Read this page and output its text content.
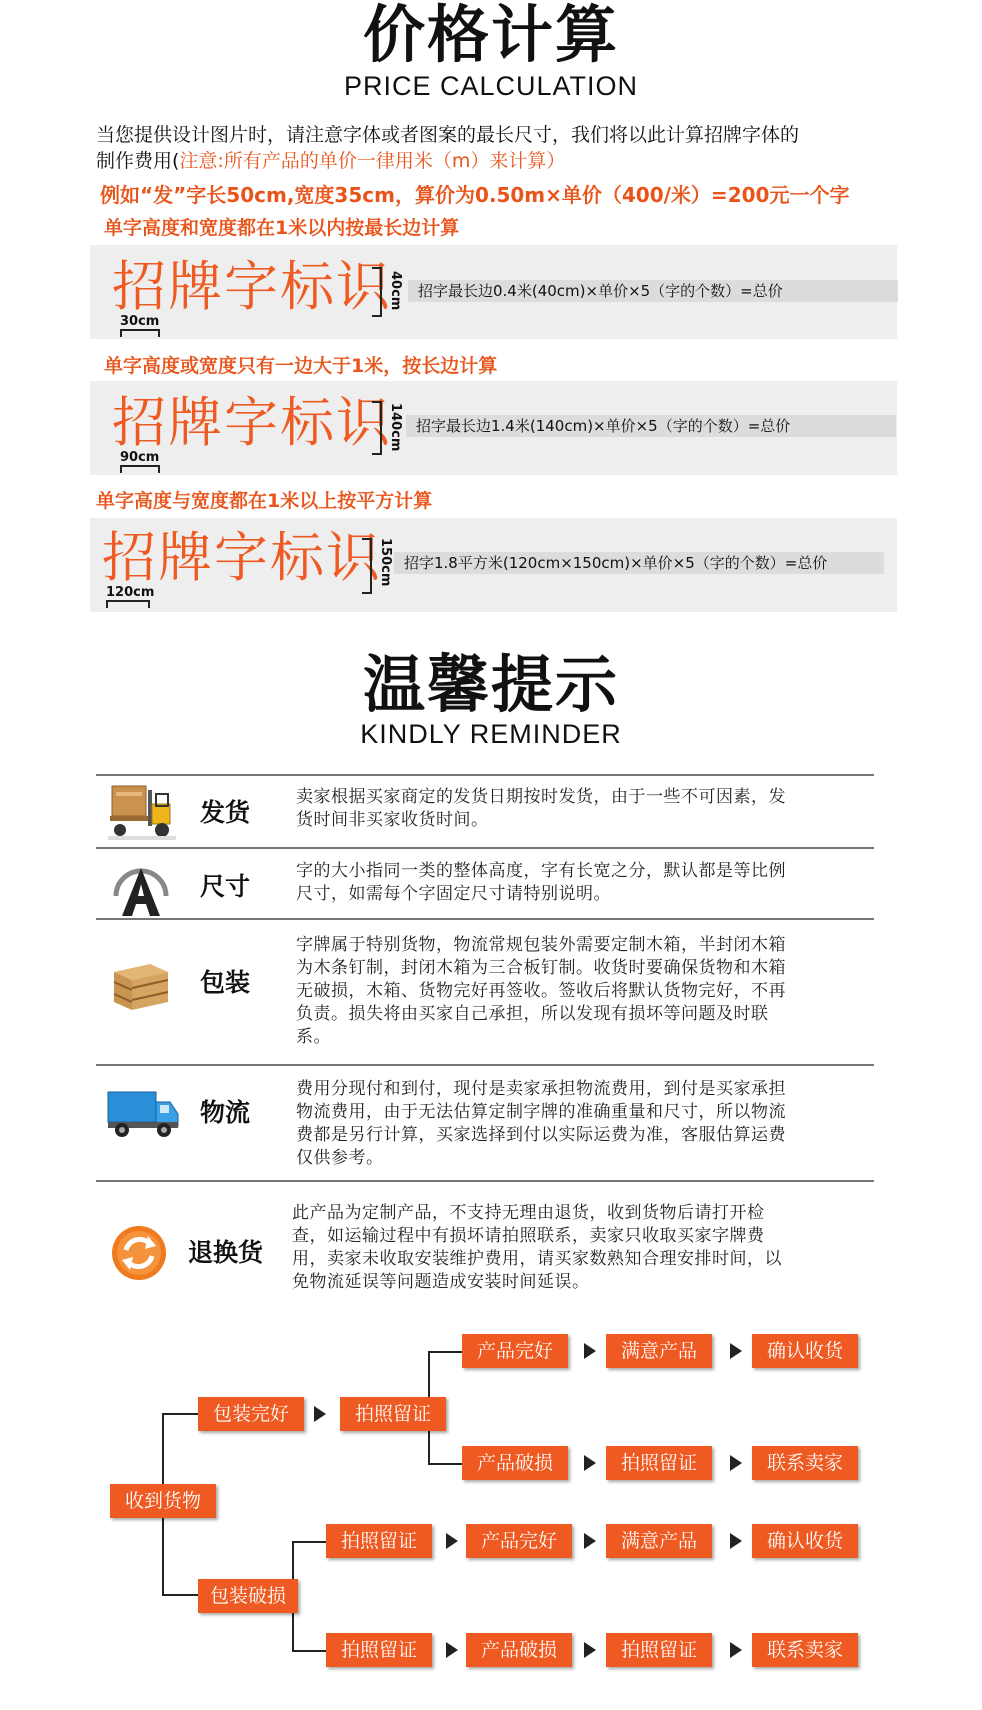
价格计算
PRICE CALCULATION
当您提供设计图片时，请注意字体或者图案的最长尺寸，我们将以此计算招牌字体的
制作费用(注意:所有产品的单价一律用米（m）来计算）
例如“发”字长50cm,宽度35cm，算价为0.50m×单价（400/米）=200元一个字
单字高度和宽度都在1米以内按最长边计算
招牌字标识
40cm
30cm
招字最长边0.4米(40cm)×单价×5（字的个数）=总价
单字高度或宽度只有一边大于1米，按长边计算
招牌字标识
140cm
90cm
招字最长边1.4米(140cm)×单价×5（字的个数）=总价
单字高度与宽度都在1米以上按平方计算
招牌字标识
150cm
120cm
招字1.8平方米(120cm×150cm)×单价×5（字的个数）=总价
温馨提示
KINDLY REMINDER
发货
卖家根据买家商定的发货日期按时发货，由于一些不可因素，发
货时间非买家收货时间。
尺寸
字的大小指同一类的整体高度，字有长宽之分，默认都是等比例
尺寸，如需每个字固定尺寸请特别说明。
包装
字牌属于特别货物，物流常规包装外需要定制木箱，半封闭木箱
为木条钉制，封闭木箱为三合板钉制。收货时要确保货物和木箱
无破损，木箱、货物完好再签收。签收后将默认货物完好，不再
负责。损失将由买家自己承担，所以发现有损坏等问题及时联
系。
物流
费用分现付和到付，现付是卖家承担物流费用，到付是买家承担
物流费用，由于无法估算定制字牌的准确重量和尺寸，所以物流
费都是另行计算，买家选择到付以实际运费为准，客服估算运费
仅供参考。
退换货
此产品为定制产品，不支持无理由退货，收到货物后请打开检
查，如运输过程中有损坏请拍照联系，卖家只收取买家字牌费
用，卖家未收取安装维护费用，请买家数熟知合理安排时间，以
免物流延误等问题造成安装时间延误。
收到货物
包装完好
包装破损
拍照留证
产品完好	满意产品	确认收货
产品破损	拍照留证	联系卖家
拍照留证	产品完好	满意产品	确认收货
拍照留证	产品破损	拍照留证	联系卖家
